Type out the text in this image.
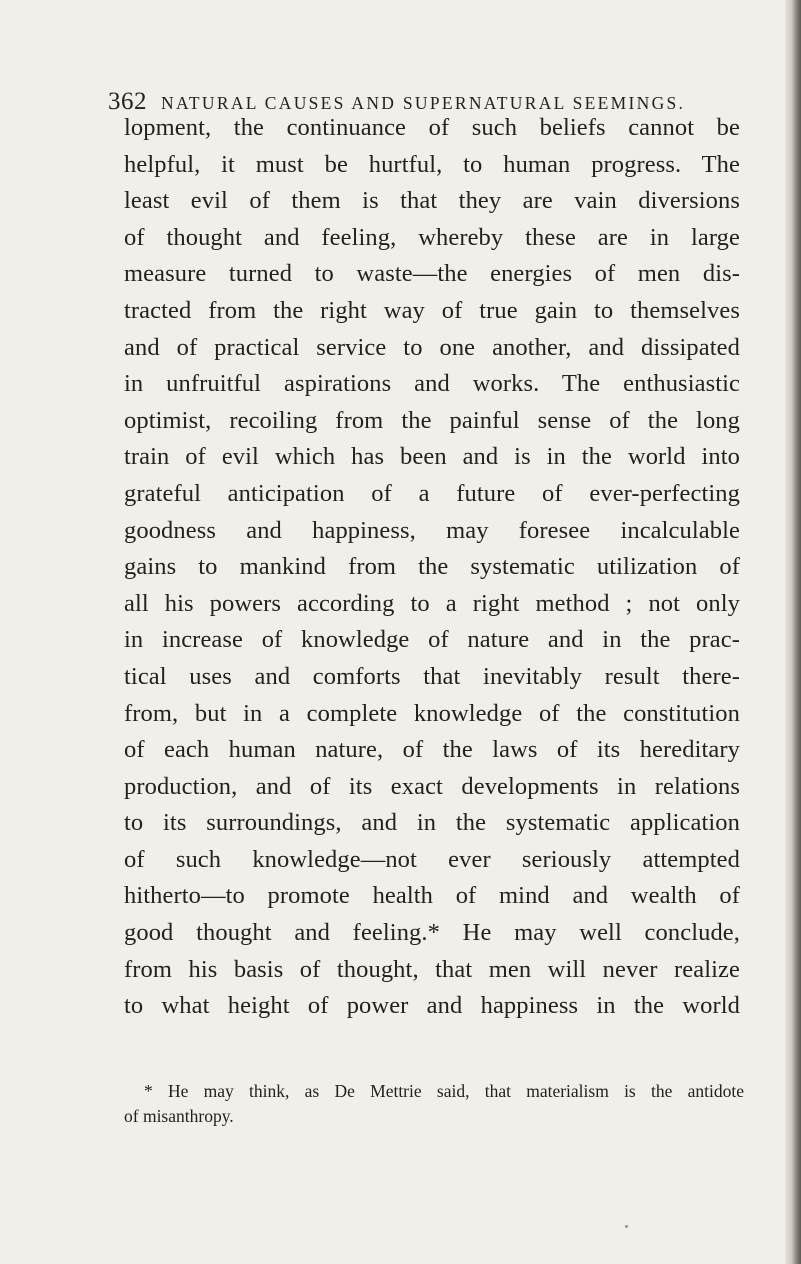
362 NATURAL CAUSES AND SUPERNATURAL SEEMINGS.
lopment, the continuance of such beliefs cannot be
helpful, it must be hurtful, to human progress. The
least evil of them is that they are vain diversions
of thought and feeling, whereby these are in large
measure turned to waste—the energies of men dis-
tracted from the right way of true gain to themselves
and of practical service to one another, and dissipated
in unfruitful aspirations and works. The enthusiastic
optimist, recoiling from the painful sense of the long
train of evil which has been and is in the world into
grateful anticipation of a future of ever-perfecting
goodness and happiness, may foresee incalculable
gains to mankind from the systematic utilization of
all his powers according to a right method ; not only
in increase of knowledge of nature and in the prac-
tical uses and comforts that inevitably result there-
from, but in a complete knowledge of the constitution
of each human nature, of the laws of its hereditary
production, and of its exact developments in relations
to its surroundings, and in the systematic application
of such knowledge—not ever seriously attempted
hitherto—to promote health of mind and wealth of
good thought and feeling.* He may well conclude,
from his basis of thought, that men will never realize
to what height of power and happiness in the world
* He may think, as De Mettrie said, that materialism is the antidote
of misanthropy.
